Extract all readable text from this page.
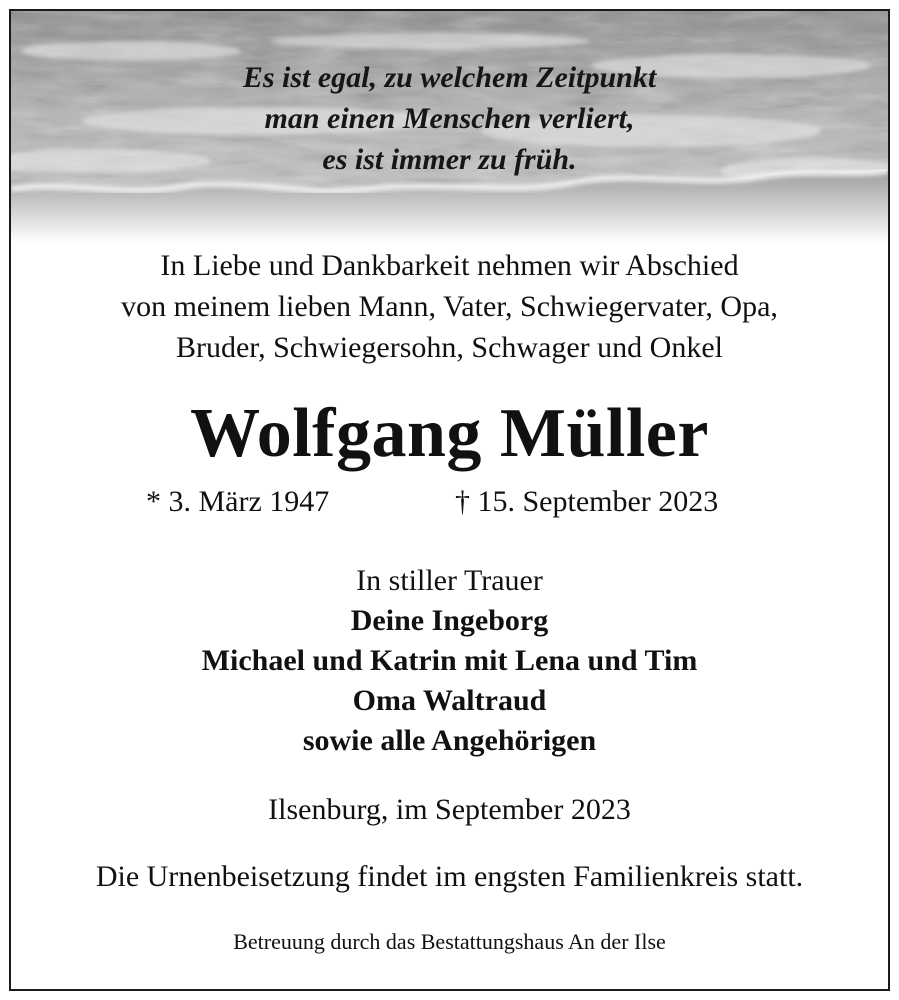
Es ist egal, zu welchem Zeitpunkt
man einen Menschen verliert,
es ist immer zu früh.
In Liebe und Dankbarkeit nehmen wir Abschied
von meinem lieben Mann, Vater, Schwiegervater, Opa,
Bruder, Schwiegersohn, Schwager und Onkel
Wolfgang Müller
* 3. März 1947	† 15. September 2023
In stiller Trauer
Deine Ingeborg
Michael und Katrin mit Lena und Tim
Oma Waltraud
sowie alle Angehörigen
Ilsenburg, im September 2023
Die Urnenbeisetzung findet im engsten Familienkreis statt.
Betreuung durch das Bestattungshaus An der Ilse
